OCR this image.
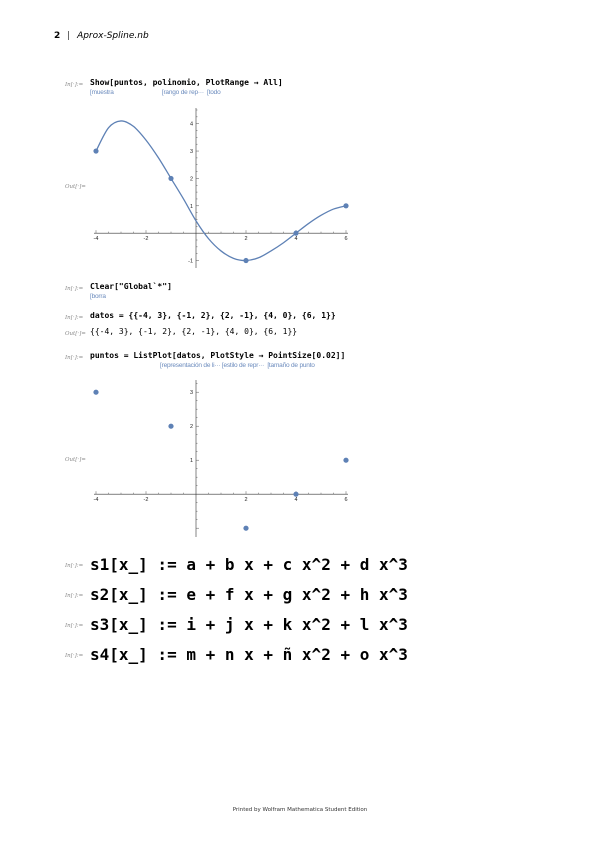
2 | Aprox-Spline.nb
In[·]:= Show[puntos, polinomio, PlotRange → All]
[muestra                              [rango de rep···  [todo
Out[·]=
-4	-2	2	4	6
-1
1
2
3
4
In[·]:= Clear["Global`*"]
[borra
In[·]:= datos = {{-4, 3}, {-1, 2}, {2, -1}, {4, 0}, {6, 1}}
Out[·]= {{-4, 3}, {-1, 2}, {2, -1}, {4, 0}, {6, 1}}
In[·]:= puntos = ListPlot[datos, PlotStyle → PointSize[0.02]]
[representación de li··· [estilo de repr···  [tamaño de punto
Out[·]=
-4	-2	2	4	6
1
2
3
In[·]:= s1[x_] := a + b x + c x^2 + d x^3
In[·]:= s2[x_] := e + f x + g x^2 + h x^3
In[·]:= s3[x_] := i + j x + k x^2 + l x^3
In[·]:= s4[x_] := m + n x + ñ x^2 + o x^3
Printed by Wolfram Mathematica Student Edition
